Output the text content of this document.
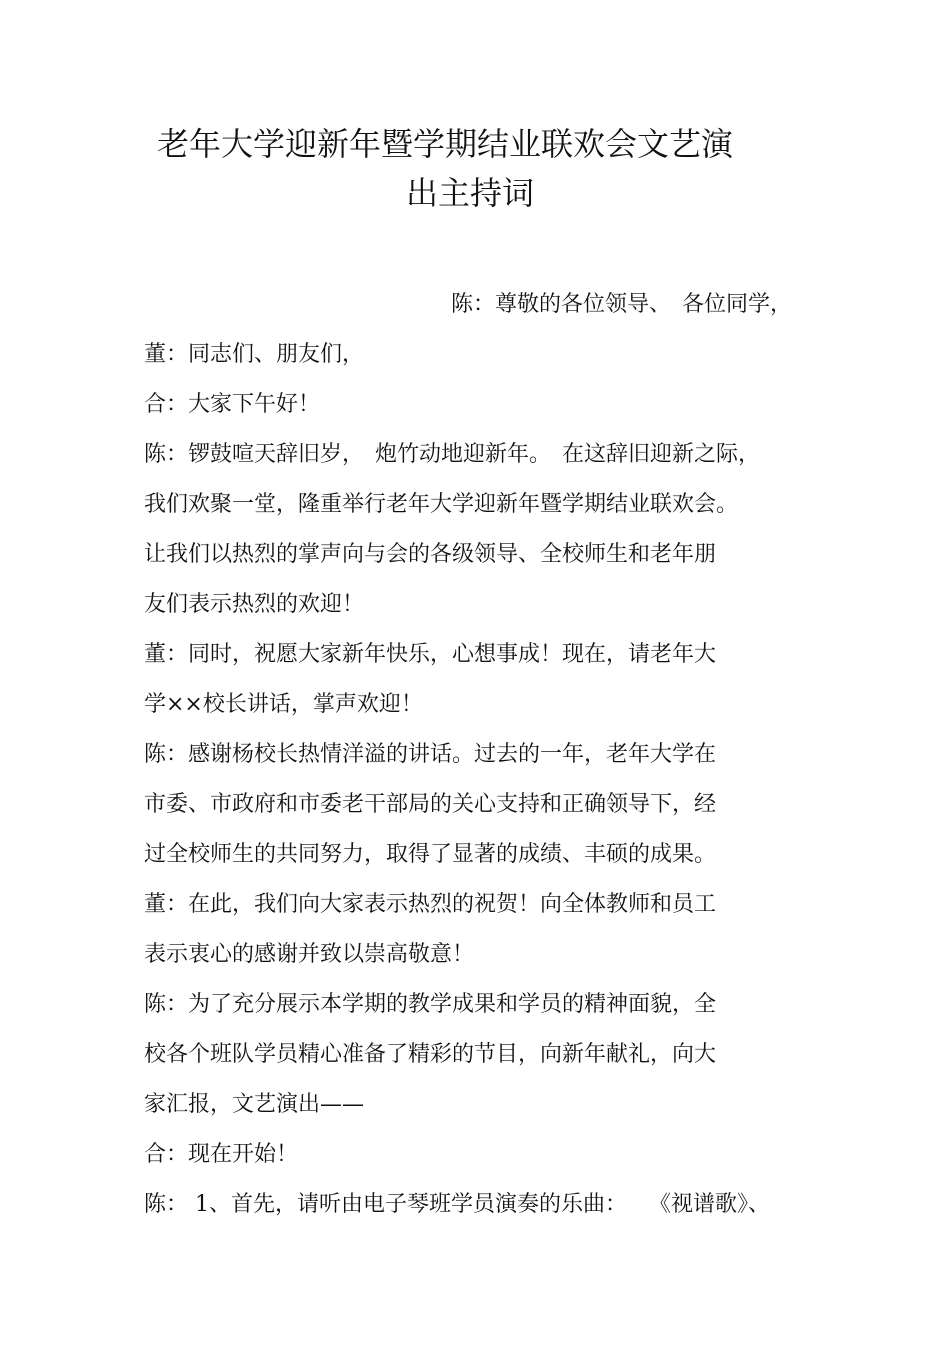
老年大学迎新年暨学期结业联欢会文艺演
出主持词
陈：尊敬的各位领导、　各位同学，
董：同志们、朋友们，
合：大家下午好！
陈：锣鼓喧天辞旧岁，　炮竹动地迎新年。　在这辞旧迎新之际，
我们欢聚一堂，隆重举行老年大学迎新年暨学期结业联欢会。
让我们以热烈的掌声向与会的各级领导、全校师生和老年朋
友们表示热烈的欢迎！
董：同时，祝愿大家新年快乐，心想事成！现在，请老年大
学××校长讲话，掌声欢迎！
陈：感谢杨校长热情洋溢的讲话。过去的一年，老年大学在
市委、市政府和市委老干部局的关心支持和正确领导下，经
过全校师生的共同努力，取得了显著的成绩、丰硕的成果。
董：在此，我们向大家表示热烈的祝贺！向全体教师和员工
表示衷心的感谢并致以崇高敬意！
陈：为了充分展示本学期的教学成果和学员的精神面貌，全
校各个班队学员精心准备了精彩的节目，向新年献礼，向大
家汇报，文艺演出——
合：现在开始！
陈： 1、首先，请听由电子琴班学员演奏的乐曲：　　《视谱歌》、
